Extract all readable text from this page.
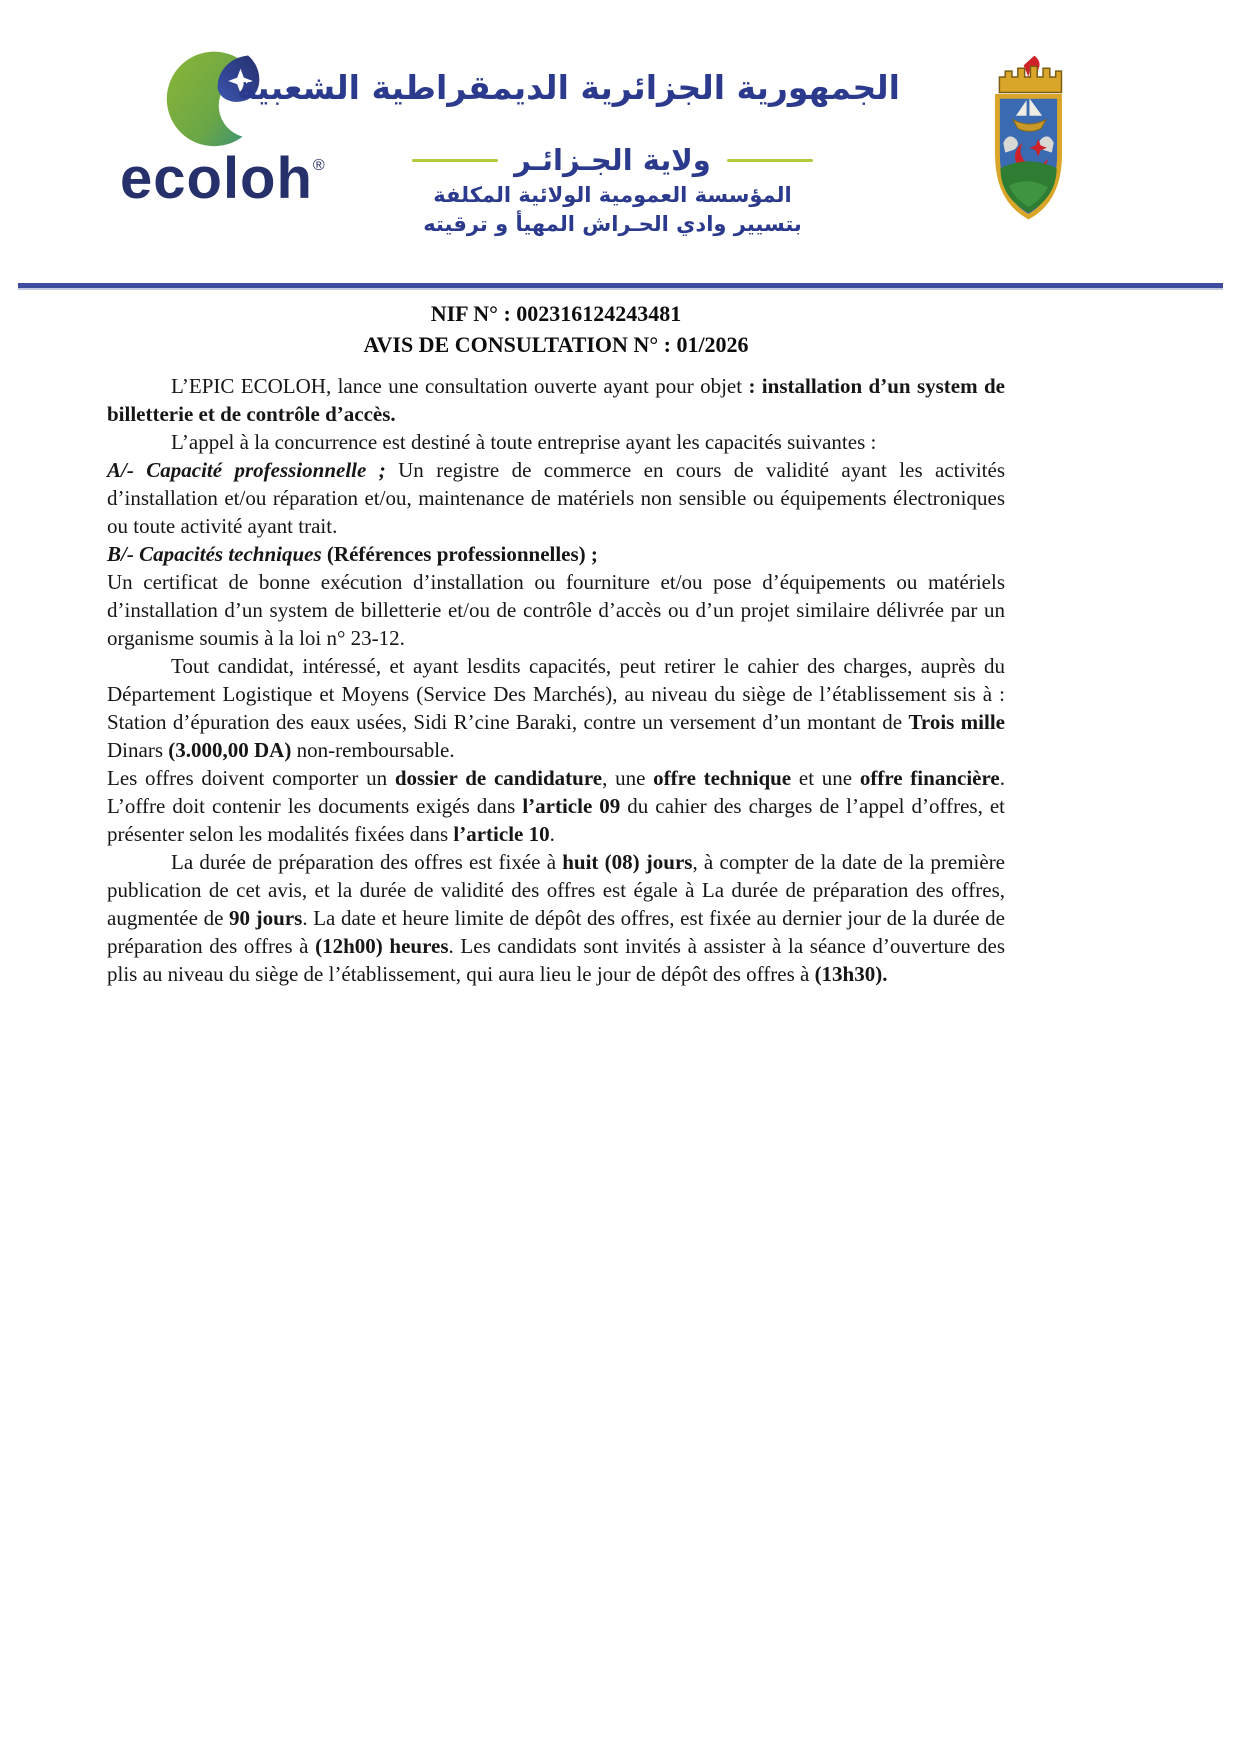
ecoloh®
الجمهورية الجزائرية الديمقراطية الشعبية
ولاية الجـزائـر
المؤسسة العمومية الولائية المكلفة
بتسيير وادي الحـراش المهيأ و ترقيته
NIF N° : 002316124243481
AVIS DE CONSULTATION N° : 01/2026

L’EPIC ECOLOH, lance une consultation ouverte ayant pour objet : installation d’un system de billetterie et de contrôle d’accès.

L’appel à la concurrence est destiné à toute entreprise ayant les capacités suivantes :

A/- Capacité professionnelle ; Un registre de commerce en cours de validité ayant les activités d’installation et/ou réparation et/ou, maintenance de matériels non sensible ou équipements électroniques ou toute activité ayant trait.

B/- Capacités techniques (Références professionnelles) ;

Un certificat de bonne exécution d’installation ou fourniture et/ou pose d’équipements ou matériels d’installation d’un system de billetterie et/ou de contrôle d’accès ou d’un projet similaire délivrée par un organisme soumis à la loi n° 23-12.

Tout candidat, intéressé, et ayant lesdits capacités, peut retirer le cahier des charges, auprès du Département Logistique et Moyens (Service Des Marchés), au niveau du siège de l’établissement sis à : Station d’épuration des eaux usées, Sidi R’cine Baraki, contre un versement d’un montant de Trois mille Dinars (3.000,00 DA) non-remboursable.

Les offres doivent comporter un dossier de candidature, une offre technique et une offre financière. L’offre doit contenir les documents exigés dans l’article 09 du cahier des charges de l’appel d’offres, et présenter selon les modalités fixées dans l’article 10.

La durée de préparation des offres est fixée à huit (08) jours, à compter de la date de la première publication de cet avis, et la durée de validité des offres est égale à La durée de préparation des offres, augmentée de 90 jours. La date et heure limite de dépôt des offres, est fixée au dernier jour de la durée de préparation des offres à (12h00) heures. Les candidats sont invités à assister à la séance d’ouverture des plis au niveau du siège de l’établissement, qui aura lieu le jour de dépôt des offres à (13h30).
